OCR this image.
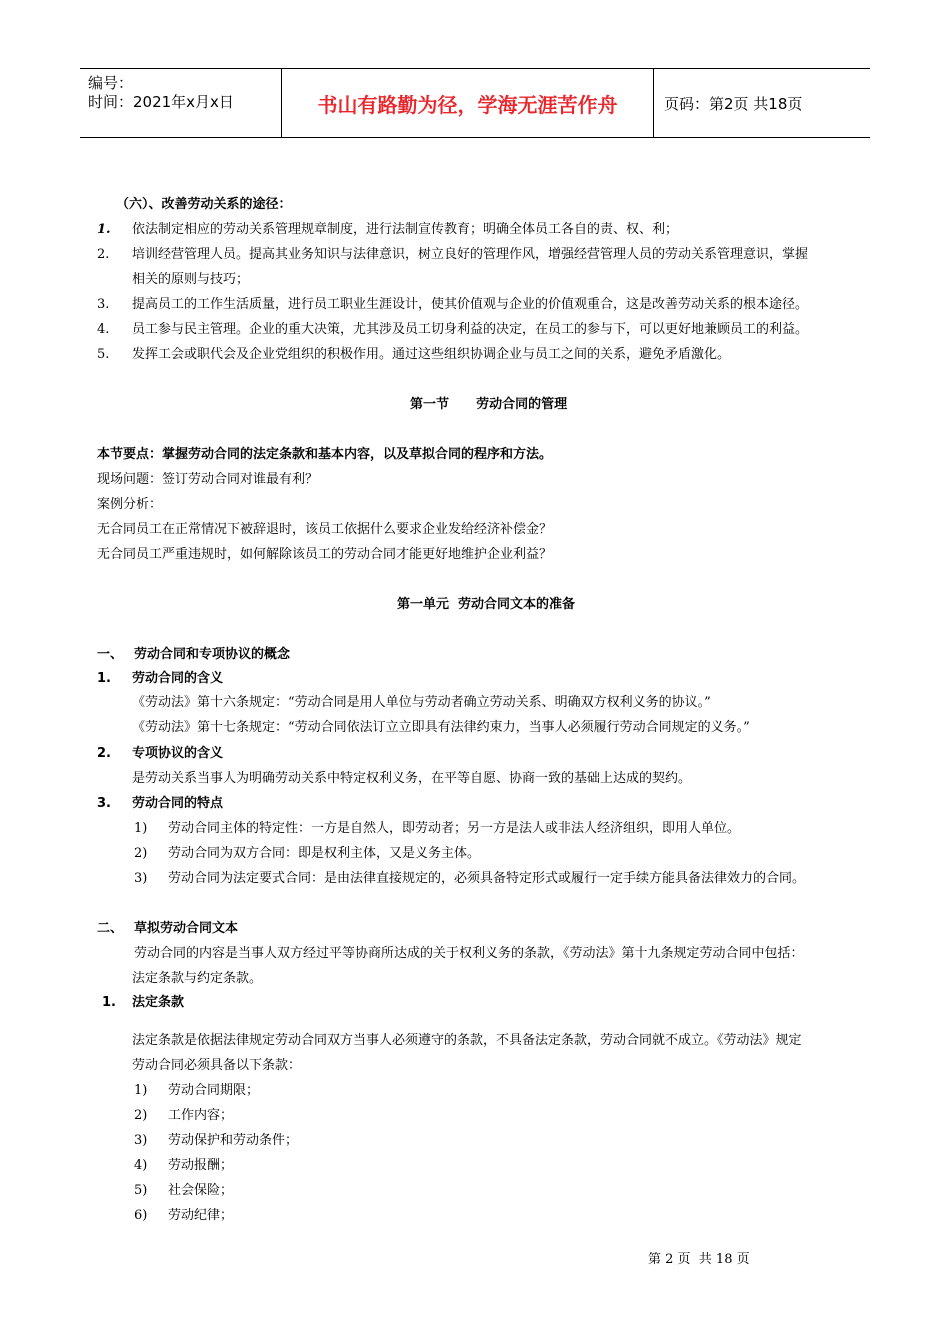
编号：
时间：2021年x月x日	书山有路勤为径，学海无涯苦作舟	页码：第2页 共18页
（六）、改善劳动关系的途径：
1. 依法制定相应的劳动关系管理规章制度，进行法制宣传教育；明确全体员工各自的责、权、利；
2. 培训经营管理人员。提高其业务知识与法律意识，树立良好的管理作风，增强经营管理人员的劳动关系管理意识，掌握
相关的原则与技巧；
3. 提高员工的工作生活质量，进行员工职业生涯设计，使其价值观与企业的价值观重合，这是改善劳动关系的根本途径。
4. 员工参与民主管理。企业的重大决策，尤其涉及员工切身利益的决定，在员工的参与下，可以更好地兼顾员工的利益。
5. 发挥工会或职代会及企业党组织的积极作用。通过这些组织协调企业与员工之间的关系，避免矛盾激化。
第一节      劳动合同的管理
本节要点：掌握劳动合同的法定条款和基本内容，以及草拟合同的程序和方法。
现场问题：签订劳动合同对谁最有利？
案例分析：
无合同员工在正常情况下被辞退时，该员工依据什么要求企业发给经济补偿金？
无合同员工严重违规时，如何解除该员工的劳动合同才能更好地维护企业利益？
第一单元  劳动合同文本的准备
一、 劳动合同和专项协议的概念
1. 劳动合同的含义
《劳动法》第十六条规定：“劳动合同是用人单位与劳动者确立劳动关系、明确双方权利义务的协议。”
《劳动法》第十七条规定：“劳动合同依法订立立即具有法律约束力，当事人必须履行劳动合同规定的义务。”
2. 专项协议的含义
是劳动关系当事人为明确劳动关系中特定权利义务，在平等自愿、协商一致的基础上达成的契约。
3. 劳动合同的特点
1) 劳动合同主体的特定性：一方是自然人，即劳动者；另一方是法人或非法人经济组织，即用人单位。
2) 劳动合同为双方合同：即是权利主体，又是义务主体。
3) 劳动合同为法定要式合同：是由法律直接规定的，必须具备特定形式或履行一定手续方能具备法律效力的合同。
二、 草拟劳动合同文本
劳动合同的内容是当事人双方经过平等协商所达成的关于权利义务的条款，《劳动法》第十九条规定劳动合同中包括：
法定条款与约定条款。
1. 法定条款
法定条款是依据法律规定劳动合同双方当事人必须遵守的条款，不具备法定条款，劳动合同就不成立。《劳动法》规定
劳动合同必须具备以下条款：
1) 劳动合同期限；
2) 工作内容；
3) 劳动保护和劳动条件；
4) 劳动报酬；
5) 社会保险；
6) 劳动纪律；
第 2 页  共 18 页
